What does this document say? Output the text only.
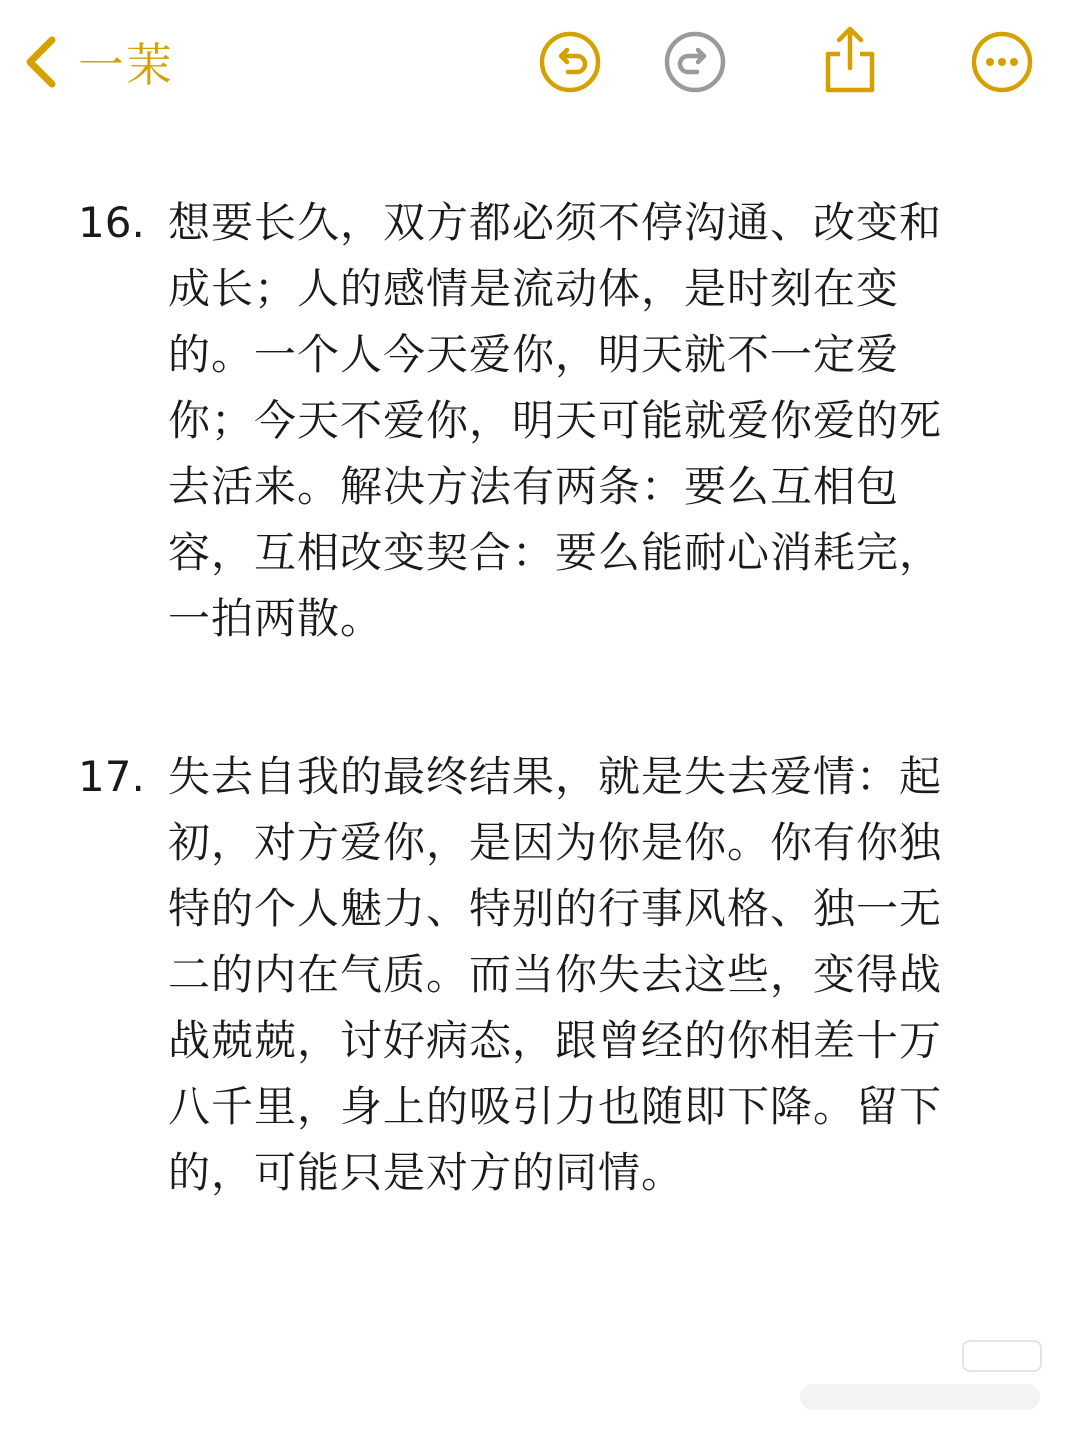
一茉
16. 想要长久，双方都必须不停沟通、改变和成长；人的感情是流动体，是时刻在变的。一个人今天爱你，明天就不一定爱你；今天不爱你，明天可能就爱你爱的死去活来。解决方法有两条：要么互相包容，互相改变契合：要么能耐心消耗完，一拍两散。
17. 失去自我的最终结果，就是失去爱情：起初，对方爱你，是因为你是你。你有你独特的个人魅力、特别的行事风格、独一无二的内在气质。而当你失去这些，变得战战兢兢，讨好病态，跟曾经的你相差十万八千里，身上的吸引力也随即下降。留下的，可能只是对方的同情。
